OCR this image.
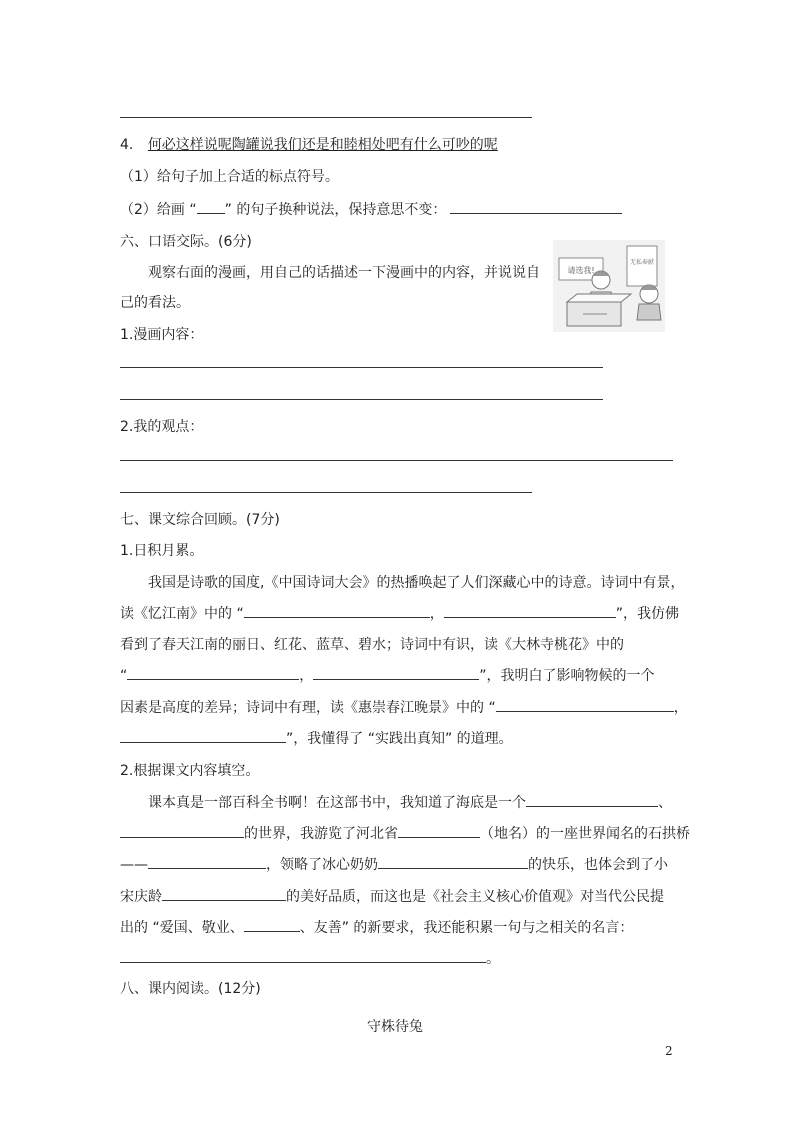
4. 何必这样说呢陶罐说我们还是和睦相处吧有什么可吵的呢
（1）给句子加上合适的标点符号。
（2）给画 “ ” 的句子换种说法，保持意思不变：
六、口语交际。(6分)
观察右面的漫画，用自己的话描述一下漫画中的内容，并说说自
己的看法。
请选我!
无私奉献
1.漫画内容：
2.我的观点：
七、课文综合回顾。(7分)
1.日积月累。
我国是诗歌的国度,《中国诗词大会》的热播唤起了人们深藏心中的诗意。诗词中有景，
读《忆江南》中的 “	，	”，我仿佛
看到了春天江南的丽日、红花、蓝草、碧水；诗词中有识，读《大林寺桃花》中的
“	，	”，我明白了影响物候的一个
因素是高度的差异；诗词中有理，读《惠崇春江晚景》中的 “	，
”，我懂得了 “实践出真知” 的道理。
2.根据课文内容填空。
课本真是一部百科全书啊！在这部书中，我知道了海底是一个	、
的世界，我游览了河北省	（地名）的一座世界闻名的石拱桥
——	，领略了冰心奶奶	的快乐，也体会到了小
宋庆龄	的美好品质，而这也是《社会主义核心价值观》对当代公民提
出的 “爱国、敬业、	、友善” 的新要求，我还能积累一句与之相关的名言：
。
八、课内阅读。(12分)
守株待兔
2
